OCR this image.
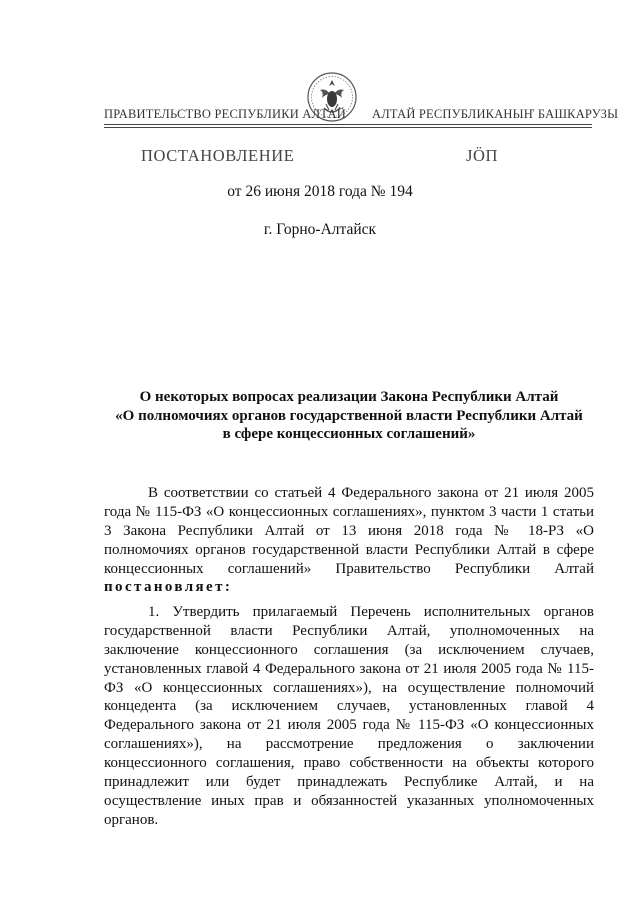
ПРАВИТЕЛЬСТВО РЕСПУБЛИКИ АЛТАЙ АЛТАЙ РЕСПУБЛИКАНЫҤ БАШКАРУЗЫ
ПОСТАНОВЛЕНИЕ	JÖП
от 26 июня 2018 года № 194
г. Горно-Алтайск
О некоторых вопросах реализации Закона Республики Алтай
«О полномочиях органов государственной власти Республики Алтай
в сфере концессионных соглашений»
В соответствии со статьей 4 Федерального закона от 21 июля 2005
года № 115-ФЗ «О концессионных соглашениях», пунктом 3 части 1 статьи
3 Закона Республики Алтай от 13 июня 2018 года № 18-РЗ «О
полномочиях органов государственной власти Республики Алтай в сфере
концессионных соглашений» Правительство Республики Алтай
постановляет:
1. Утвердить прилагаемый Перечень исполнительных органов
государственной власти Республики Алтай, уполномоченных на
заключение концессионного соглашения (за исключением случаев,
установленных главой 4 Федерального закона от 21 июля 2005 года № 115-
ФЗ «О концессионных соглашениях»), на осуществление полномочий
концедента (за исключением случаев, установленных главой 4
Федерального закона от 21 июля 2005 года № 115-ФЗ «О концессионных
соглашениях»), на рассмотрение предложения о заключении
концессионного соглашения, право собственности на объекты которого
принадлежит или будет принадлежать Республике Алтай, и на
осуществление иных прав и обязанностей указанных уполномоченных
органов.
